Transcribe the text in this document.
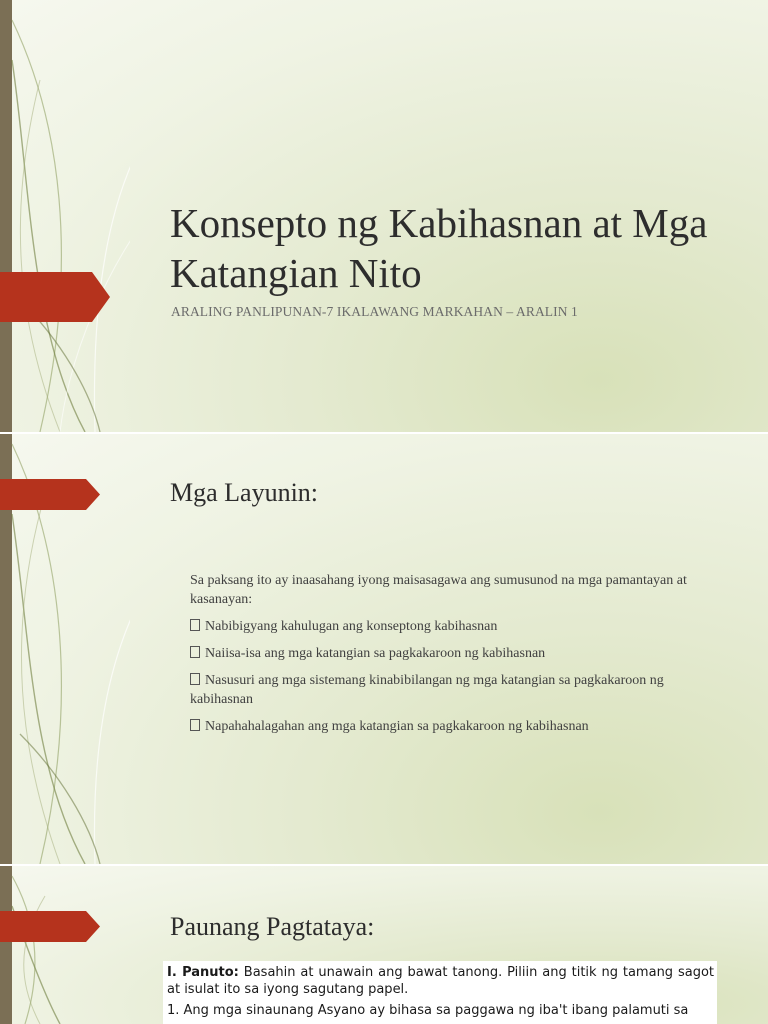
Konsepto ng Kabihasnan at Mga Katangian Nito
ARALING PANLIPUNAN-7 IKALAWANG MARKAHAN – ARALIN 1
Mga Layunin:
Sa paksang ito ay inaasahang iyong maisasagawa ang sumusunod na mga pamantayan at kasanayan:
Nabibigyang kahulugan ang konseptong kabihasnan
Naiisa-isa ang mga katangian sa pagkakaroon ng kabihasnan
Nasusuri ang mga sistemang kinabibilangan ng mga katangian sa pagkakaroon ng kabihasnan
Napahahalagahan ang mga katangian sa pagkakaroon ng kabihasnan
Paunang Pagtataya:

I. Panuto: Basahin at unawain ang bawat tanong. Piliin ang titik ng tamang sagot at isulat ito sa iyong sagutang papel.

1. Ang mga sinaunang Asyano ay bihasa sa paggawa ng iba't ibang palamuti sa
